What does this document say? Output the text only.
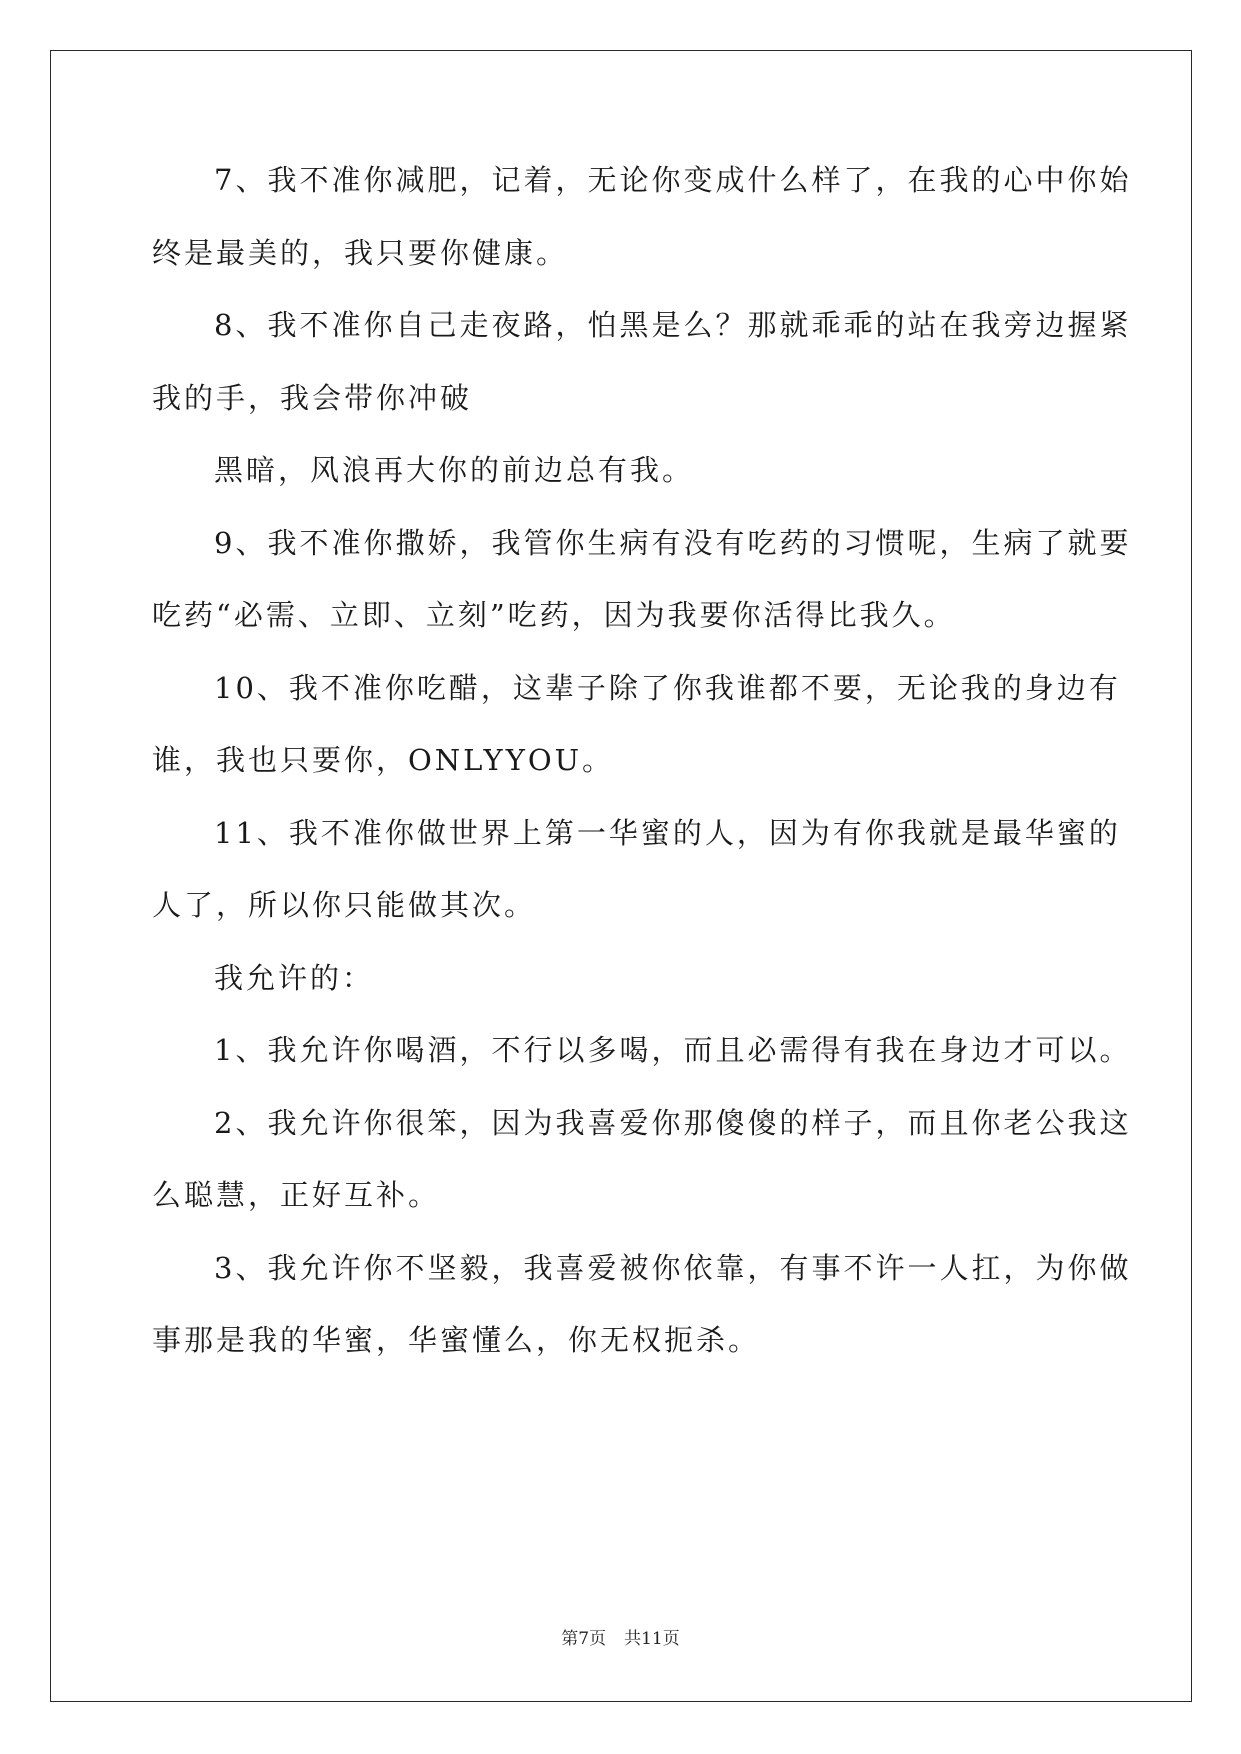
7、我不准你减肥，记着，无论你变成什么样了，在我的心中你始
终是最美的，我只要你健康。
8、我不准你自己走夜路，怕黑是么？那就乖乖的站在我旁边握紧
我的手，我会带你冲破
黑暗，风浪再大你的前边总有我。
9、我不准你撒娇，我管你生病有没有吃药的习惯呢，生病了就要
吃药“必需、立即、立刻”吃药，因为我要你活得比我久。
10、我不准你吃醋，这辈子除了你我谁都不要，无论我的身边有
谁，我也只要你，ONLYYOU。
11、我不准你做世界上第一华蜜的人，因为有你我就是最华蜜的
人了，所以你只能做其次。
我允许的：
1、我允许你喝酒，不行以多喝，而且必需得有我在身边才可以。
2、我允许你很笨，因为我喜爱你那傻傻的样子，而且你老公我这
么聪慧，正好互补。
3、我允许你不坚毅，我喜爱被你依靠，有事不许一人扛，为你做
事那是我的华蜜，华蜜懂么，你无权扼杀。
第7页 共11页
